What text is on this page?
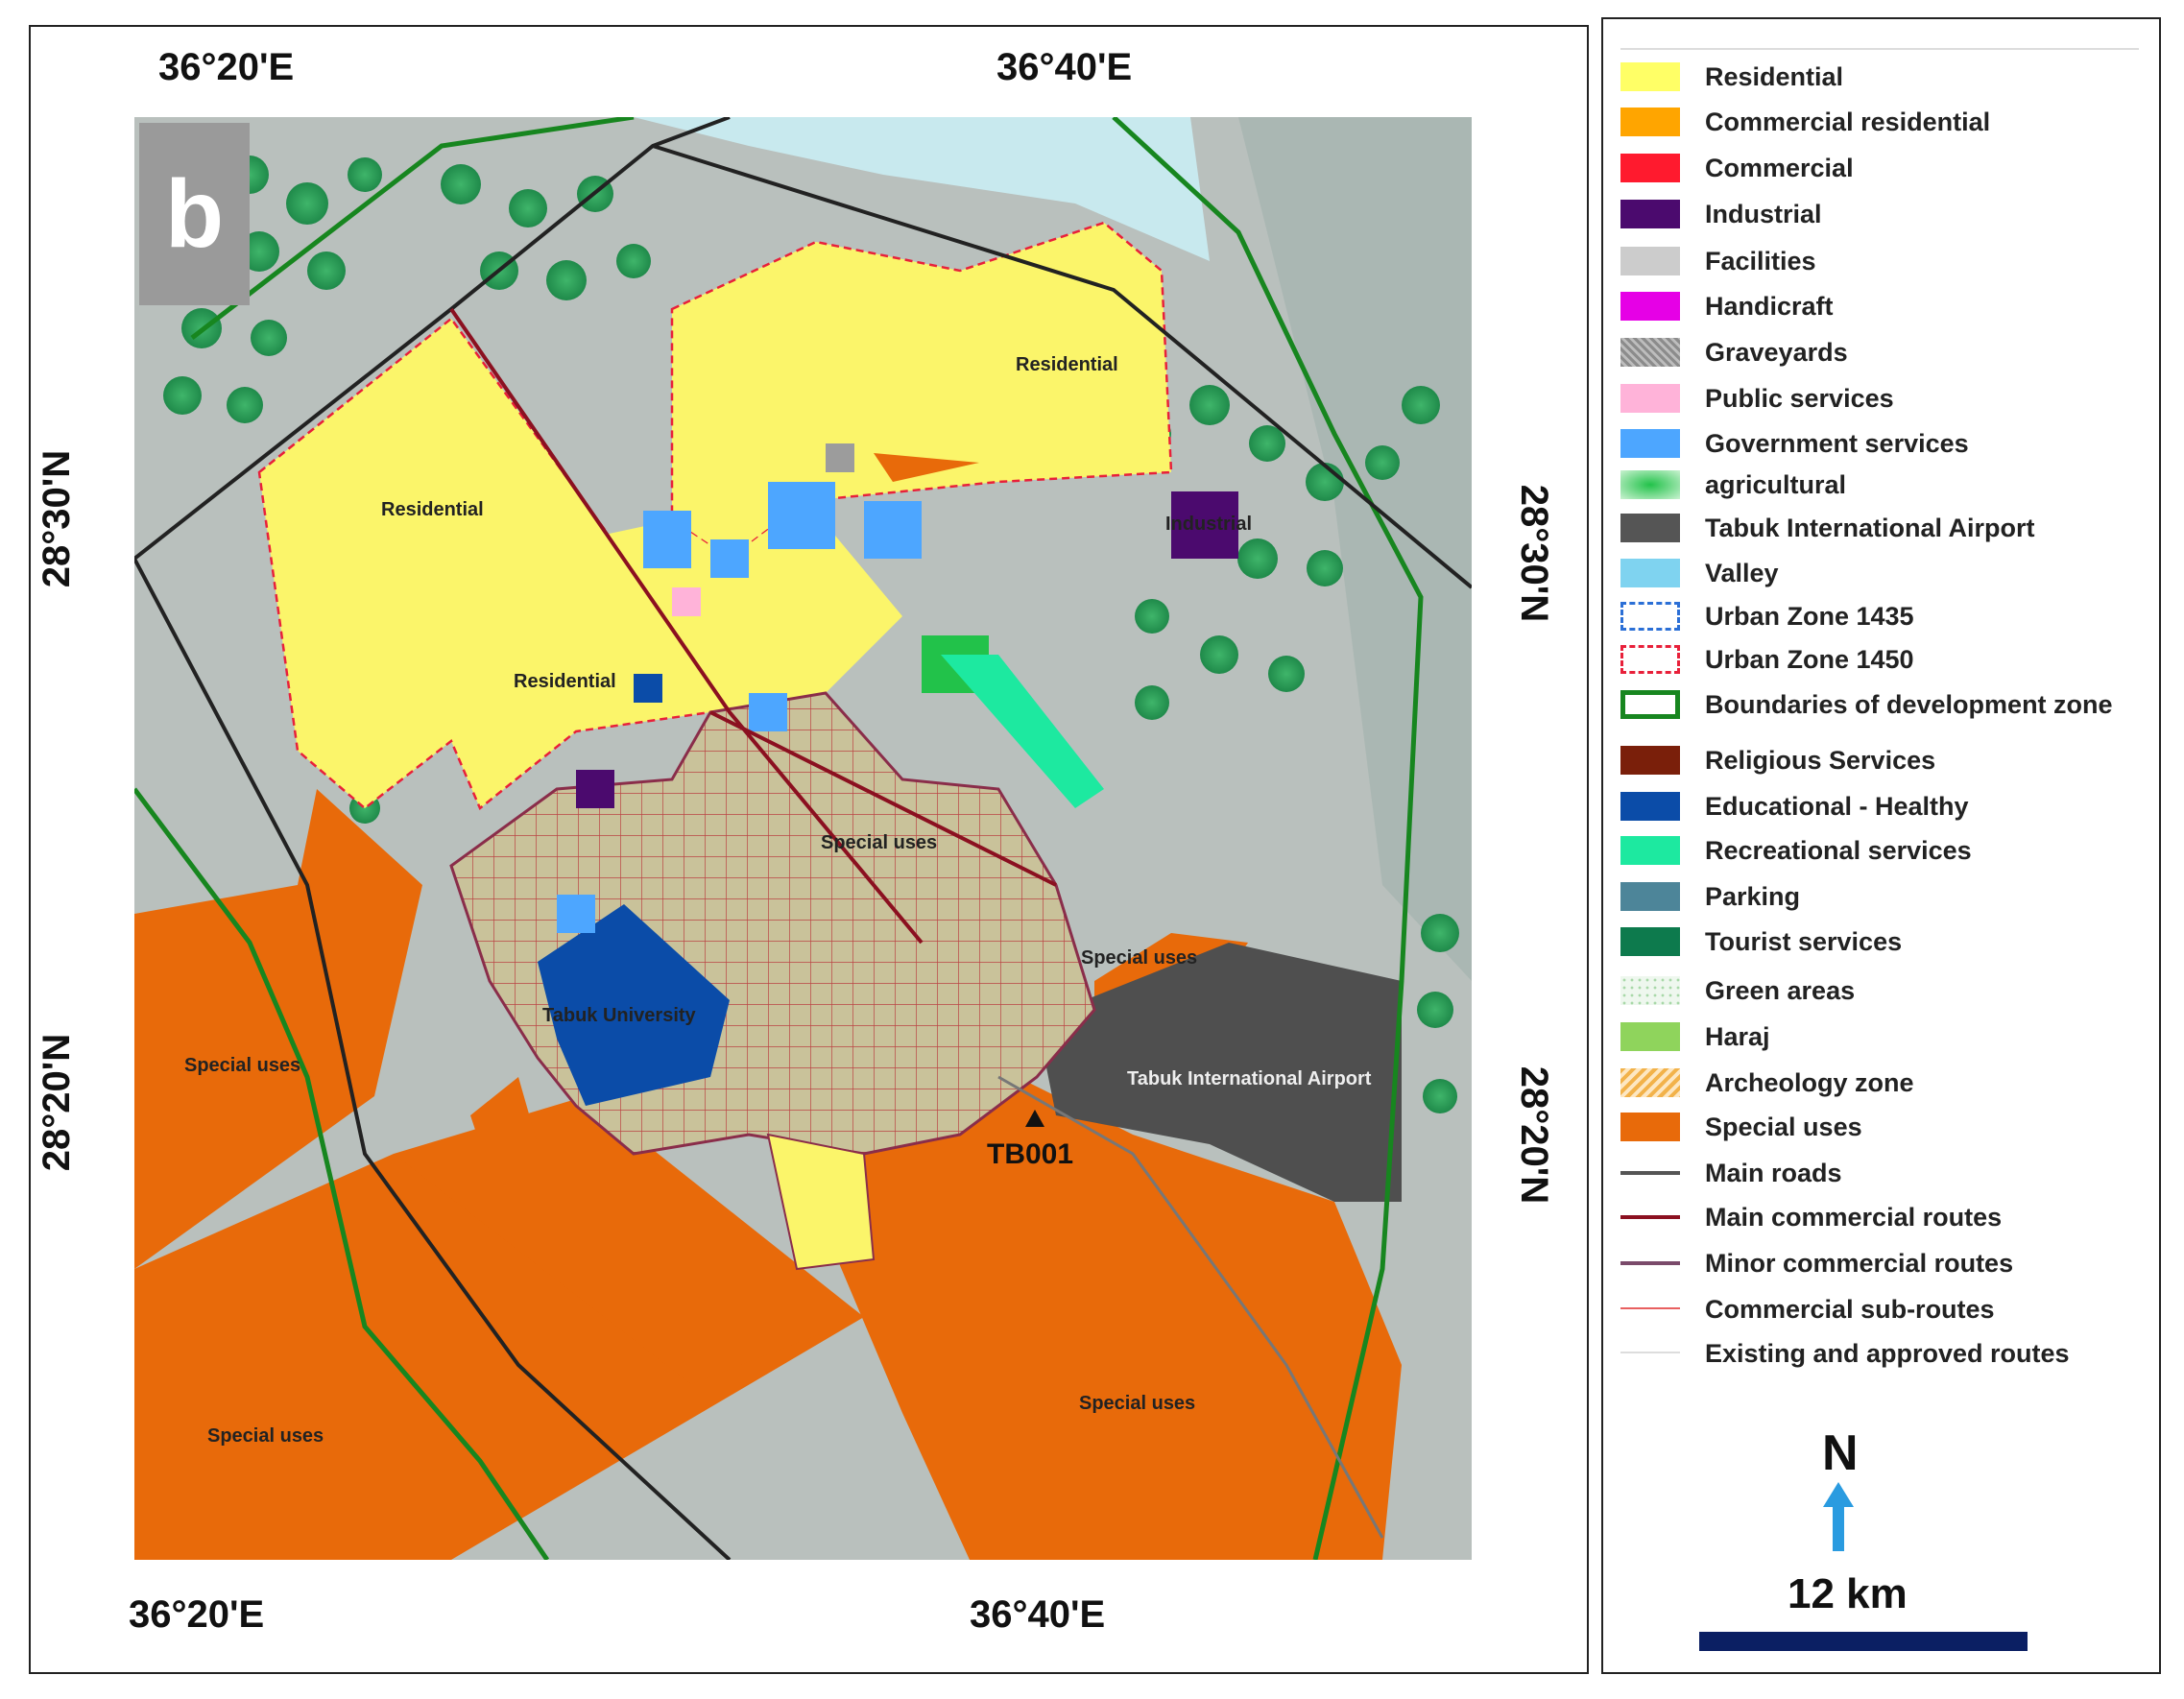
36°20'E	36°40'E
36°20'E	36°40'E
28°30'N
28°20'N
28°30'N
28°20'N
Residential
Residential
Residential
Industrial
Special uses
Special uses
Tabuk University
Special uses
Tabuk International Airport
TB001
Special uses
Special uses
b
Residential
Commercial residential
Commercial
Industrial
Facilities
Handicraft
Graveyards
Public services
Government services
agricultural
Tabuk International Airport
Valley
Urban Zone 1435
Urban Zone 1450
Boundaries of development zone
Religious Services
Educational - Healthy
Recreational services
Parking
Tourist services
Green areas
Haraj
Archeology zone
Special uses
Main roads
Main commercial routes
Minor commercial routes
Commercial sub-routes
Existing and approved routes
N
12 km
